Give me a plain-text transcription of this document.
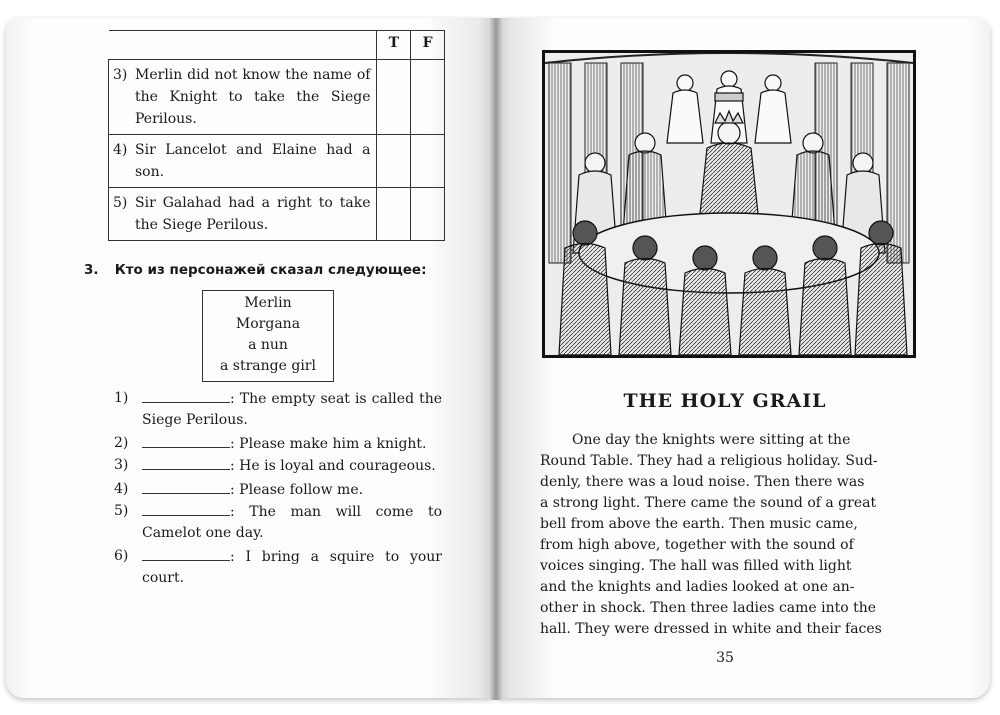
	T	F

3) Merlin did not know the name of the Knight to take the Siege Perilous.		

4) Sir Lancelot and Elaine had a son.		

5) Sir Galahad had a right to take the Siege Perilous.		

3. Кто из персонажей сказал следующее:
Merlin
Morgana
a nun
a strange girl
1)	: The empty seat is called the Siege Perilous.
2)	: Please make him a knight.
3)	: He is loyal and courageous.
4)	: Please follow me.
5)	: The man will come to Camelot one day.
6)	: I bring a squire to your court.
THE HOLY GRAIL
One day the knights were sitting at the
Round Table. They had a religious holiday. Sud-
denly, there was a loud noise. Then there was
a strong light. There came the sound of a great
bell from above the earth. Then music came,
from high above, together with the sound of
voices singing. The hall was filled with light
and the knights and ladies looked at one an-
other in shock. Then three ladies came into the
hall. They were dressed in white and their faces
35
